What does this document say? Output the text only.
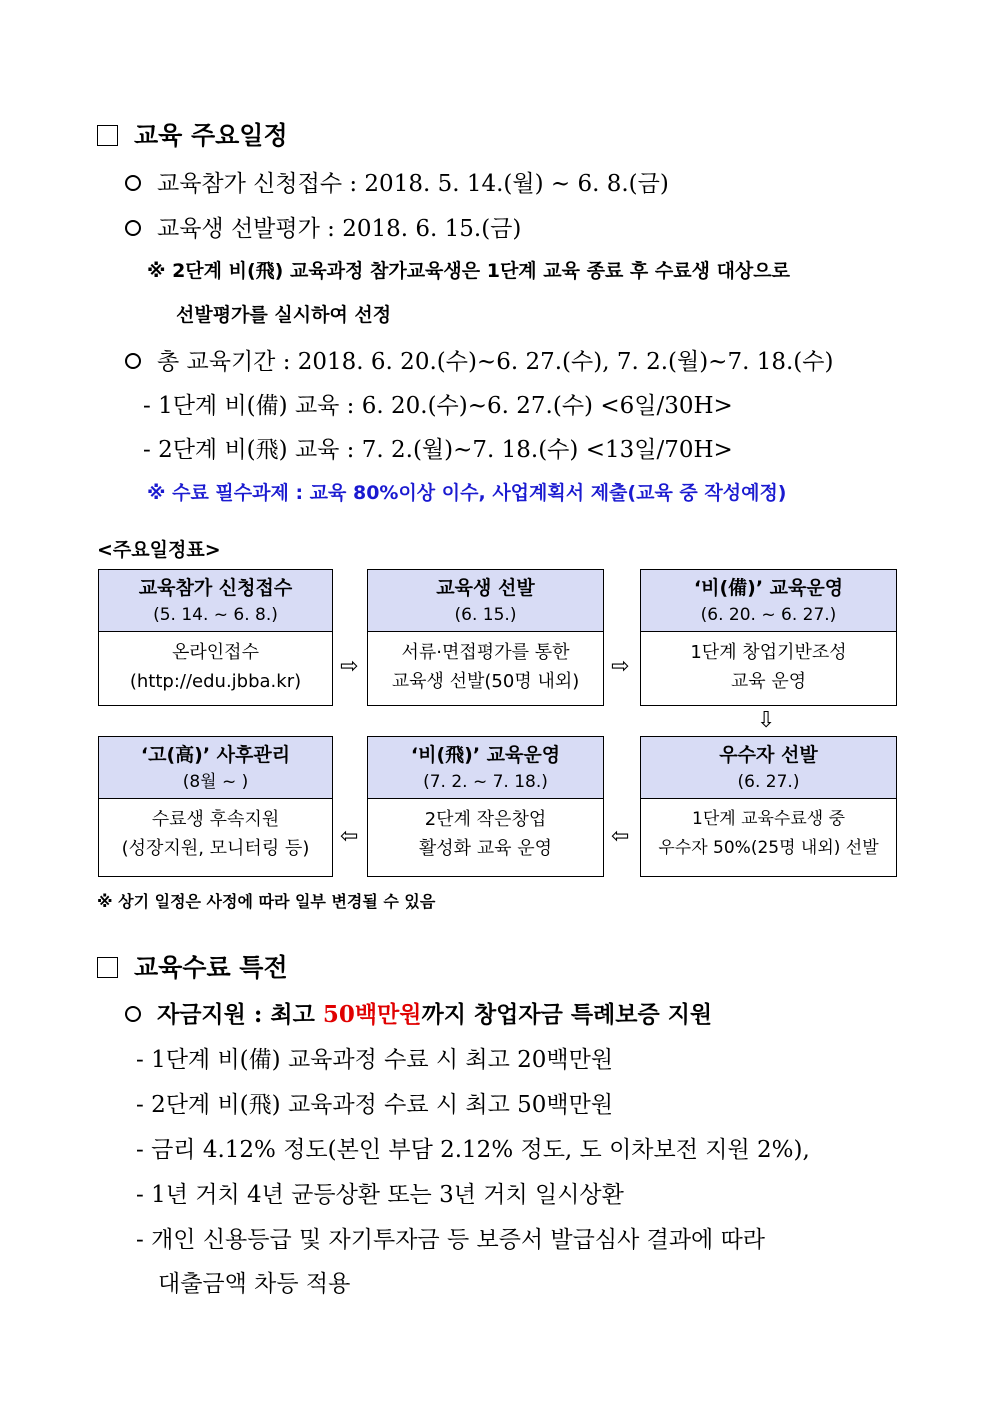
교육 주요일정
교육참가 신청접수 : 2018. 5. 14.(월) ~ 6. 8.(금)
교육생 선발평가 : 2018. 6. 15.(금)
※ 2단계 비(飛) 교육과정 참가교육생은 1단계 교육 종료 후 수료생 대상으로
선발평가를 실시하여 선정
총 교육기간 : 2018. 6. 20.(수)~6. 27.(수), 7. 2.(월)~7. 18.(수)
- 1단계 비(備) 교육 : 6. 20.(수)~6. 27.(수) <6일/30H>
- 2단계 비(飛) 교육 : 7. 2.(월)~7. 18.(수) <13일/70H>
※ 수료 필수과제 : 교육 80%이상 이수, 사업계획서 제출(교육 중 작성예정)
<주요일정표>
교육참가 신청접수
(5. 14. ~ 6. 8.)
온라인접수
(http://edu.jbba.kr)
⇨
교육생 선발
(6. 15.)
서류·면접평가를 통한
교육생 선발(50명 내외)
⇨
‘비(備)’ 교육운영
(6. 20. ~ 6. 27.)
1단계 창업기반조성
교육 운영
⇩
‘고(高)’ 사후관리
(8월 ~ )
수료생 후속지원
(성장지원, 모니터링 등)	⇦
‘비(飛)’ 교육운영
(7. 2. ~ 7. 18.)
2단계 작은창업
활성화 교육 운영	⇦
우수자 선발
(6. 27.)
1단계 교육수료생 중
우수자 50%(25명 내외) 선발
※ 상기 일정은 사정에 따라 일부 변경될 수 있음
교육수료 특전
자금지원 : 최고 50백만원까지 창업자금 특례보증 지원
- 1단계 비(備) 교육과정 수료 시 최고 20백만원
- 2단계 비(飛) 교육과정 수료 시 최고 50백만원
- 금리 4.12% 정도(본인 부담 2.12% 정도, 도 이차보전 지원 2%),
- 1년 거치 4년 균등상환 또는 3년 거치 일시상환
- 개인 신용등급 및 자기투자금 등 보증서 발급심사 결과에 따라
대출금액 차등 적용
